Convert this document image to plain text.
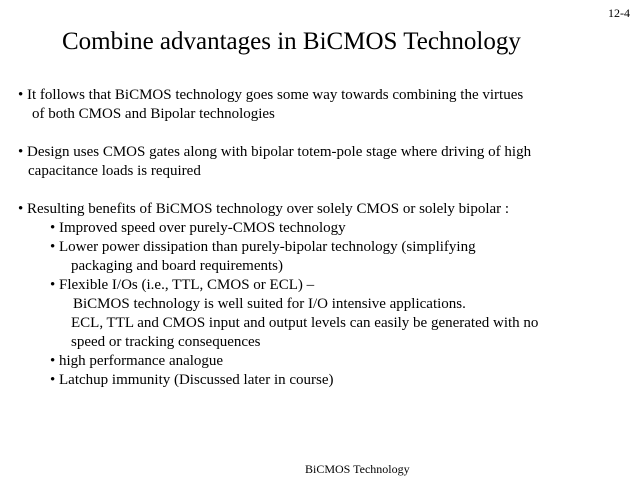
12-4
Combine advantages in BiCMOS Technology
• It follows that BiCMOS technology goes some way towards combining the virtues
of both CMOS and Bipolar technologies
• Design uses CMOS gates along with bipolar totem-pole stage where driving of high
capacitance loads is required
• Resulting benefits of BiCMOS technology over solely CMOS or solely bipolar :
• Improved speed over purely-CMOS technology
• Lower power dissipation than purely-bipolar technology (simplifying
packaging and board requirements)
• Flexible I/Os (i.e., TTL, CMOS or ECL) –
BiCMOS technology is well suited for I/O intensive applications.
ECL, TTL and CMOS input and output levels can easily be generated with no
speed or tracking consequences
• high performance analogue
• Latchup immunity (Discussed later in course)
BiCMOS Technology
